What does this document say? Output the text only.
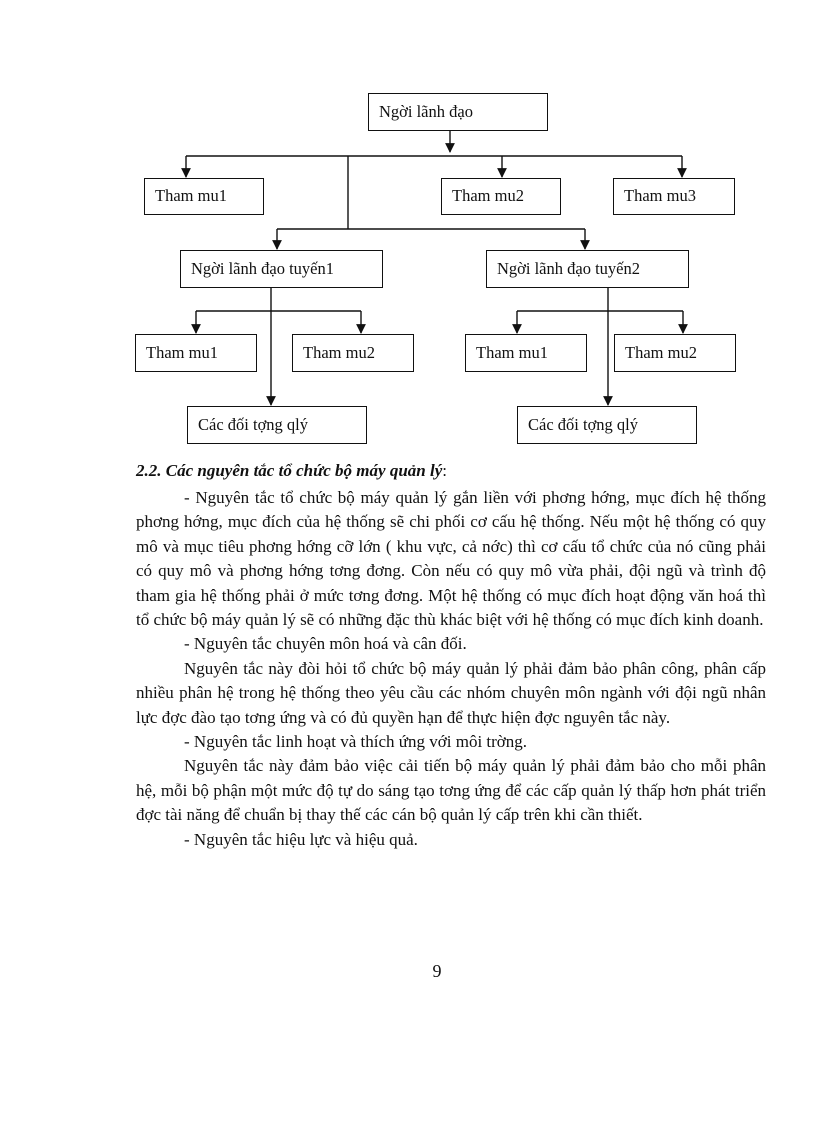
Ngời lãnh đạo
Tham mu1	Tham mu2	Tham mu3
Ngời lãnh đạo tuyến1	Ngời lãnh đạo tuyến2
Tham mu1	Tham mu2	Tham mu1	Tham mu2
Các đối tợng qlý	Các đối tợng qlý
2.2. Các nguyên tắc tổ chức bộ máy quản lý:

- Nguyên tắc tổ chức bộ máy quản lý gắn liền với phơng hớng, mục đích hệ thống phơng hớng, mục đích của hệ thống sẽ chi phối cơ cấu hệ thống. Nếu một hệ thống có quy mô và mục tiêu phơng hớng cỡ lớn ( khu vực, cả nớc) thì cơ cấu tổ chức của nó cũng phải có quy mô và phơng hớng tơng đơng. Còn nếu có quy mô vừa phải, đội ngũ và trình độ tham gia hệ thống phải ở mức tơng đơng. Một hệ thống có mục đích hoạt động văn hoá thì tổ chức bộ máy quản lý sẽ có những đặc thù khác biệt với hệ thống có mục đích kinh doanh.

- Nguyên tắc chuyên môn hoá và cân đối.

Nguyên tắc này đòi hỏi tổ chức bộ máy quản lý phải đảm bảo phân công, phân cấp nhiều phân hệ trong hệ thống theo yêu cầu các nhóm chuyên môn ngành với đội ngũ nhân lực đợc đào tạo tơng ứng và có đủ quyền hạn để thực hiện đợc nguyên tắc này.

- Nguyên tắc linh hoạt và thích ứng với môi trờng.

Nguyên tắc này đảm bảo việc cải tiến bộ máy quản lý phải đảm bảo cho mỗi phân hệ, mỗi bộ phận một mức độ tự do sáng tạo tơng ứng để các cấp quản lý thấp hơn phát triển đợc tài năng để chuẩn bị thay thế các cán bộ quản lý cấp trên khi cần thiết.

- Nguyên tắc hiệu lực và hiệu quả.

9
